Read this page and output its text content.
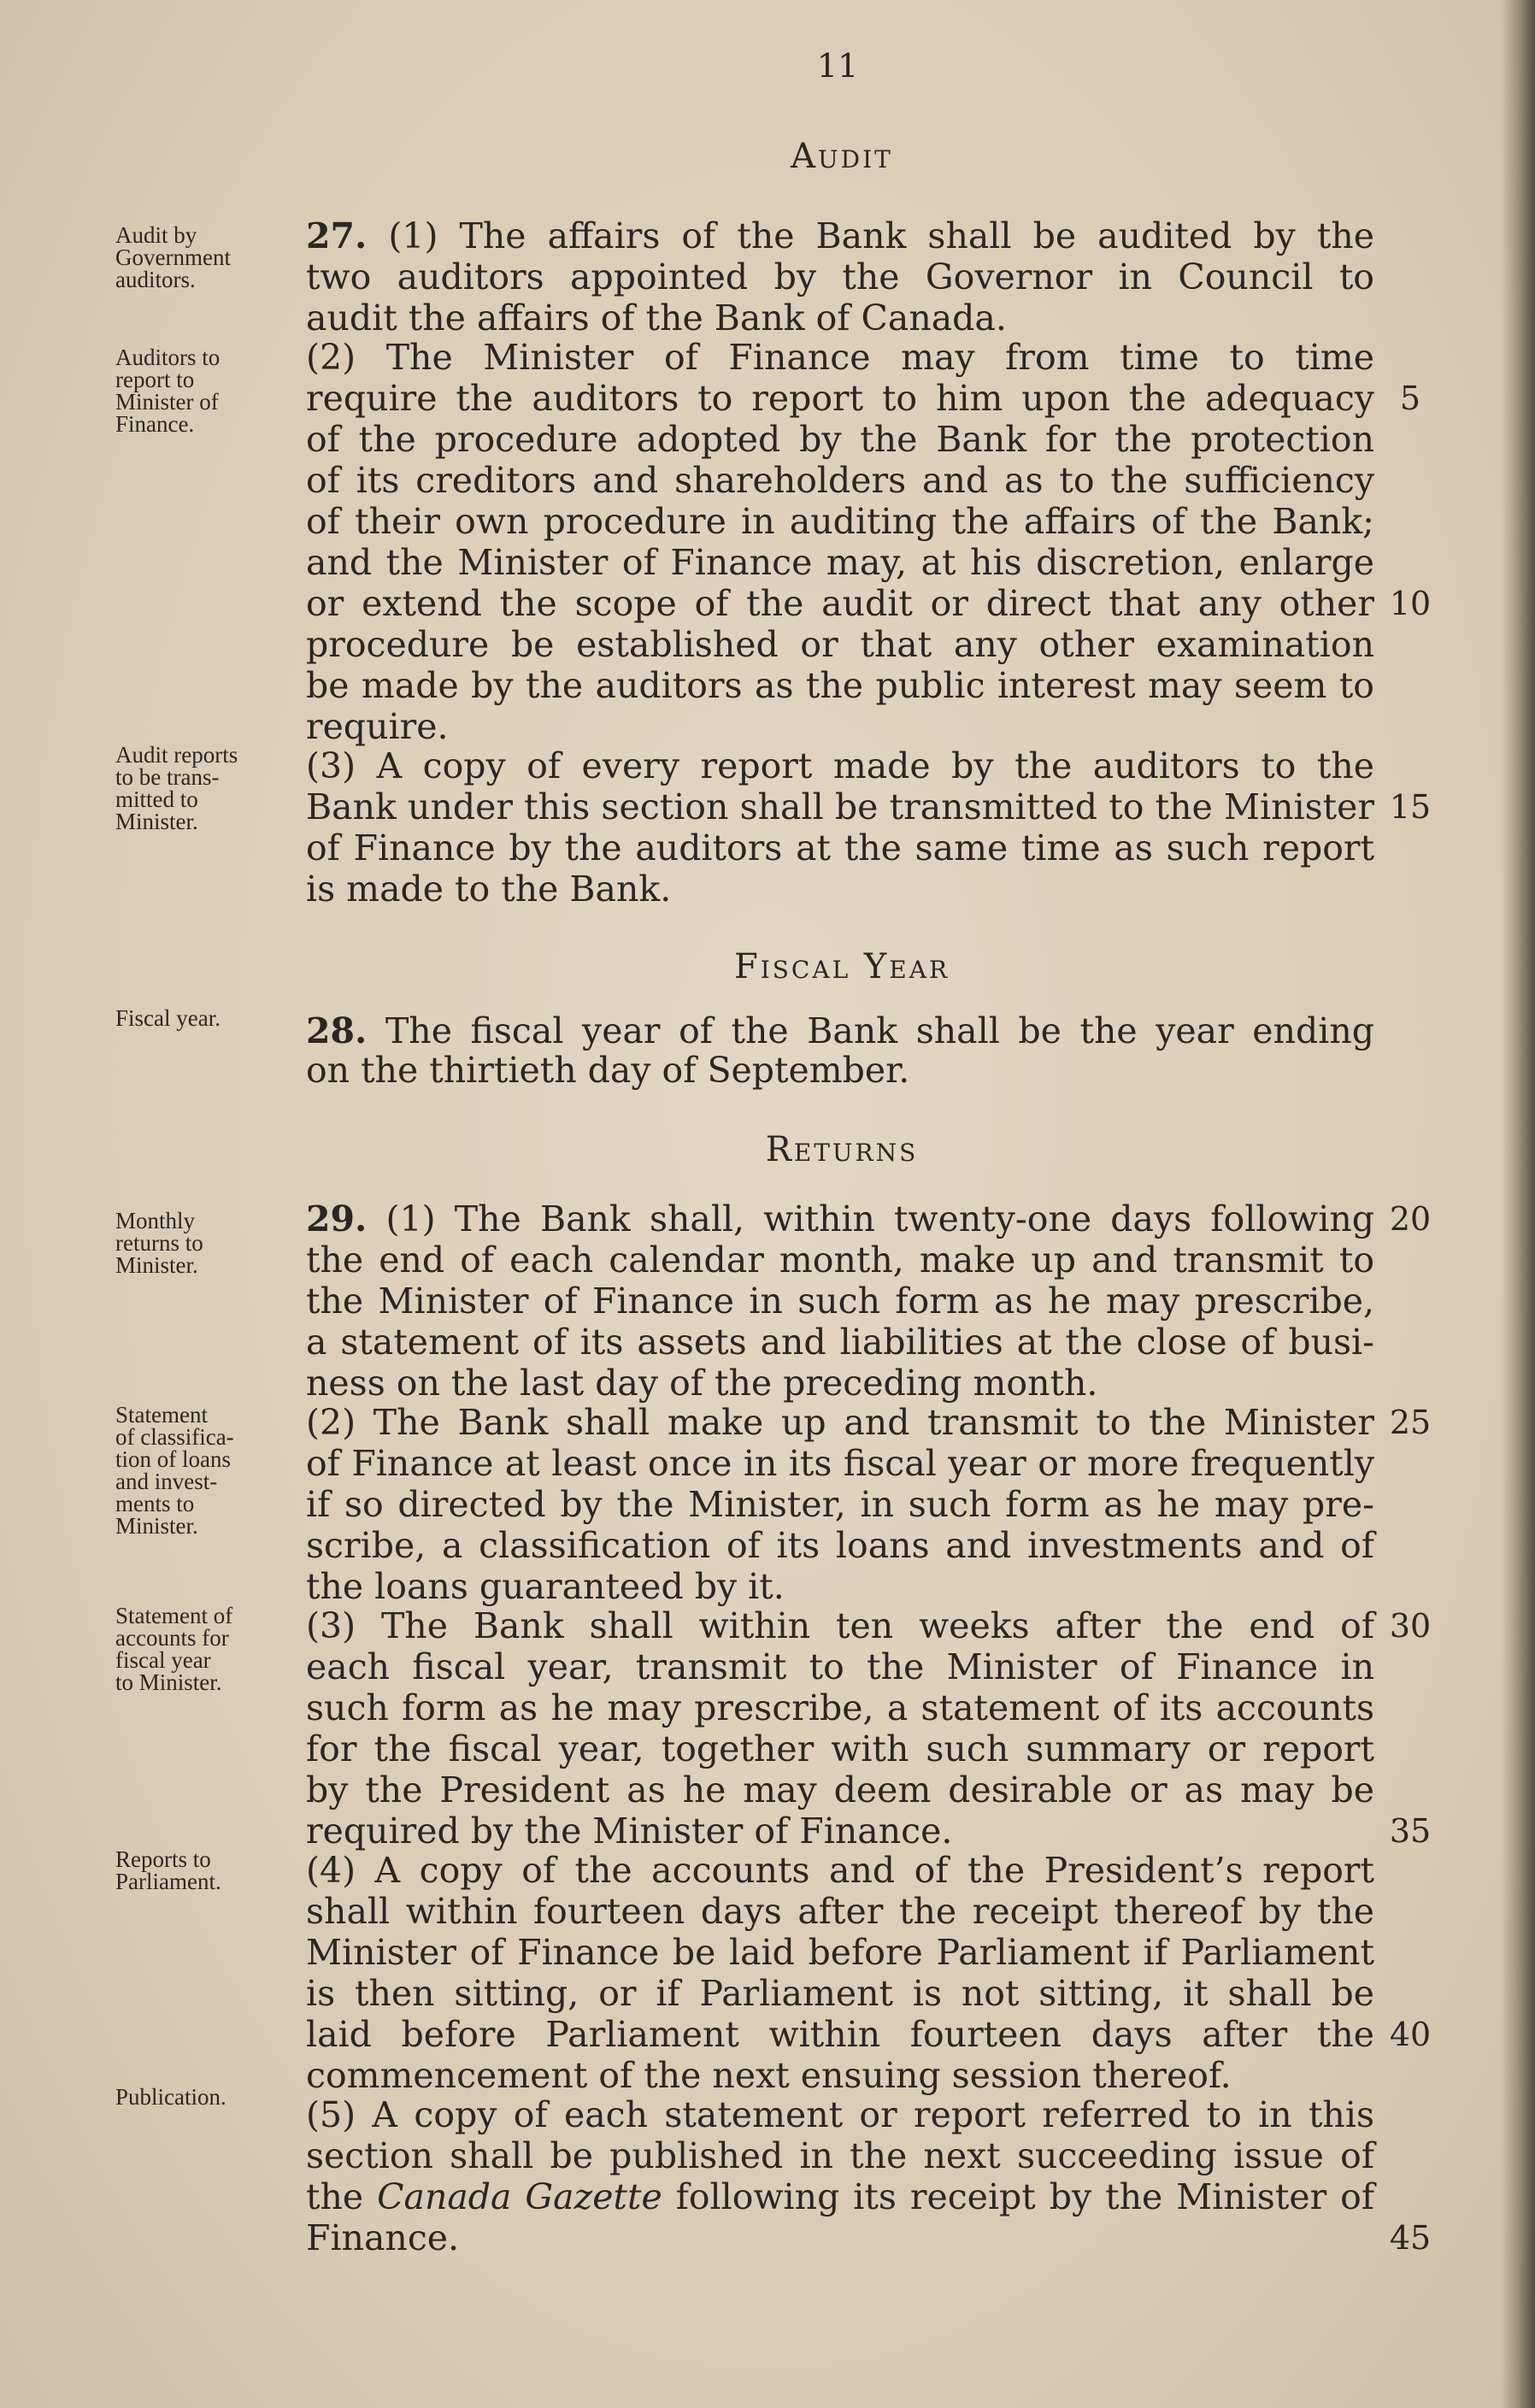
11
Audit
Audit by
Government
auditors.
27. (1) The affairs of the Bank shall be audited by the
two auditors appointed by the Governor in Council to
audit the affairs of the Bank of Canada.
Auditors to
report to
Minister of
Finance.
(2) The Minister of Finance may from time to time
require the auditors to report to him upon the adequacy 5
of the procedure adopted by the Bank for the protection
of its creditors and shareholders and as to the sufficiency
of their own procedure in auditing the affairs of the Bank;
and the Minister of Finance may, at his discretion, enlarge
or extend the scope of the audit or direct that any other 10
procedure be established or that any other examination
be made by the auditors as the public interest may seem to
require.
Audit reports
to be trans-
mitted to
Minister.
(3) A copy of every report made by the auditors to the
Bank under this section shall be transmitted to the Minister 15
of Finance by the auditors at the same time as such report
is made to the Bank.
Fiscal Year
Fiscal year.	28. The fiscal year of the Bank shall be the year ending
on the thirtieth day of September.
Returns
Monthly
returns to
Minister.
29. (1) The Bank shall, within twenty-one days following 20
the end of each calendar month, make up and transmit to
the Minister of Finance in such form as he may prescribe,
a statement of its assets and liabilities at the close of busi-
ness on the last day of the preceding month.
Statement
of classifica-
tion of loans
and invest-
ments to
Minister.
(2) The Bank shall make up and transmit to the Minister 25
of Finance at least once in its fiscal year or more frequently
if so directed by the Minister, in such form as he may pre-
scribe, a classification of its loans and investments and of
the loans guaranteed by it.
Statement of
accounts for
fiscal year
to Minister.
(3) The Bank shall within ten weeks after the end of 30
each fiscal year, transmit to the Minister of Finance in
such form as he may prescribe, a statement of its accounts
for the fiscal year, together with such summary or report
by the President as he may deem desirable or as may be
required by the Minister of Finance.	35
Reports to
Parliament.	(4) A copy of the accounts and of the President’s report
shall within fourteen days after the receipt thereof by the
Minister of Finance be laid before Parliament if Parliament
is then sitting, or if Parliament is not sitting, it shall be
laid before Parliament within fourteen days after the 40
commencement of the next ensuing session thereof.
Publication.	(5) A copy of each statement or report referred to in this
section shall be published in the next succeeding issue of
the Canada Gazette following its receipt by the Minister of
Finance.	45
